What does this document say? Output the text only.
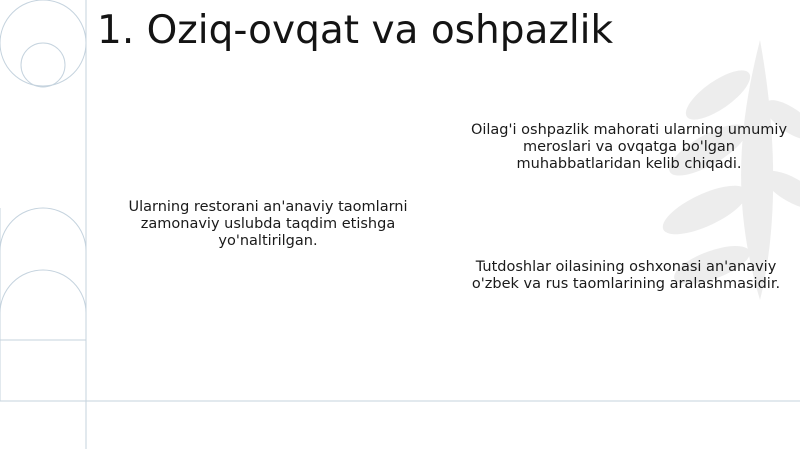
1. Oziq-ovqat va oshpazlik

Oilag'i oshpazlik mahorati ularning umumiy meroslari va ovqatga bo'lgan muhabbatlaridan kelib chiqadi.

Ularning restorani an'anaviy taomlarni zamonaviy uslubda taqdim etishga yo'naltirilgan.

Tutdoshlar oilasining oshxonasi an'anaviy o'zbek va rus taomlarining aralashmasidir.
